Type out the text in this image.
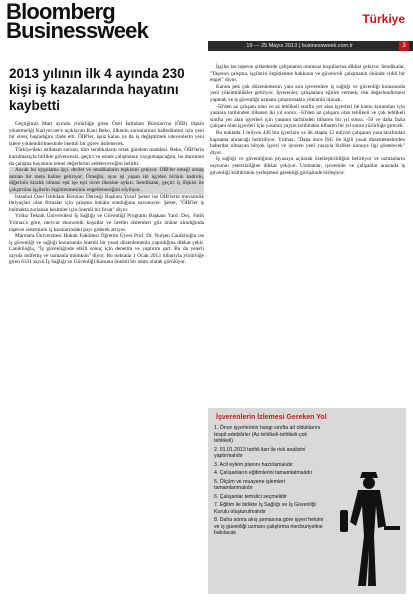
Bloomberg
Businessweek	Türkiye
19 — 25 Mayıs 2013 | businessweek.com.tr	3
2013 yılının ilk 4 ayında 230 kişi iş kazalarında hayatını kaybetti

Geçtiğimiz Mart ayında yürürlüğe giren Özel İstihdam Büroları'na (ÖİB) ilişkin yönetmeliği Kariyer.net'e açıklayan Kani Beko, ülkenin sorunlarının halledilmesi için yeni bir süreç başladığını ifade etti. ÖİB'ler, işsiz kalan ya da iş değiştirmek isteyenlerin yeni işlere yönlendirilmesinde önemli bir görev üstlenecek.

Türkiye'deki istihdam sorunu, tüm sendikaların ortak gündem maddesi. Beko, ÖİB'lerin kurulmasıyla birlikte güvencesiz, geçici ve esnek çalışmanın yaygınlaşacağını, bu durumun da çalışma hayatının temel değerlerini zedeleyeceğini belirtti.

Ancak bu uygulama işçi, devlet ve sendikaların tepkisini çekiyor. ÖİB'ler emeği alınıp satılan bir meta haline getiriyor. Örneğin, aynı işi yapan iki işçiden birinin kadrolu, diğerinin kiralık olması eşit işe eşit ücret ilkesine aykırı. Sendikalar, geçici iş ilişkisi ile çalıştırılan işçilerin örgütlenmesinin engelleneceğini söylüyor.

İstanbul Özel İstihdam Büroları Derneği Başkanı Yusuf Şeker ise ÖİB'lerin mevsimlik ihtiyaçları olan firmalar için çalışma imkânı sunduğunu savunuyor. Şeker, "ÖİB'ler iş bulmakta zorlanan kesimler için önemli bir fırsat" diyor.

Yıldız Teknik Üniversitesi İş Sağlığı ve Güvenliği Programı Başkanı Yard. Doç. Fatih Yılmaz'a göre, mevcut ekonomik koşullar ve üretim sistemleri göz önüne alındığında taşeron sisteminin iş kazalarındaki payı giderek artıyor.

Marmara Üniversitesi Hukuk Fakültesi Öğretim Üyesi Prof. Dr. Nurşen Caniklioğlu ise iş güvenliği ve sağlığı konusunda önemli bir yasal düzenlemenin yapıldığına dikkat çekti. Caniklioğlu, "İş güvenliğinde etkili sonuç için denetim ve yaptırım şart. Bu da yeterli sayıda müfettiş ve uzmanla mümkün" diyor. Bu noktada 1 Ocak 2013 itibarıyla yürürlüğe giren 6331 sayılı İş Sağlığı ve Güvenliği Kanunu önemli bir adım olarak görülüyor.

İşçiler ise taşeron şirketlerde çalışmanın olumsuz koşullarına dikkat çekiyor. Sendikalar, "Taşeron çalışma, işçilerin örgütlenme hakkının ve güvenceli çalışmanın önünde ciddi bir engel" diyor.

Kanun pek çok düzenlemenin yanı sıra işverenlere iş sağlığı ve güvenliği konusunda yeni yükümlülükler getiriyor. İşverenler, çalışanlara eğitim vermek, risk değerlendirmesi yapmak ve iş güvenliği uzmanı çalıştırmakla yükümlü olacak.

-50'den az çalışanı olan ve az tehlikeli sınıfta yer alan işyerleri ile kamu kurumları için yasanın tarihinden itibaren iki yıl sonra. -50'den az çalışanı olan tehlikeli ve çok tehlikeli sınıfta yer alan işyerleri için yasanın tarihinden itibaren bir yıl sonra. -50 ve daha fazla çalışanı olan işyerleri için yasanın yayım tarihinden itibaren bir yıl sonra yürürlüğe girecek.

Bu noktada 1 milyon 436 bin işyerinin ve ilk etapta 12 milyon çalışanın yasa tarafından kapsama alınacağı belirtiliyor. Yılmaz, "Daha önce İSG ile ilgili yasal düzenlemelerden haberdar olmayan birçok işyeri ve işveren yeni yasayla birlikte konuya ilgi gösterecek" diyor.

İş sağlığı ve güvenliğinin piyasaya açılarak özelleştirildiğini belirtiyor ve uzmanların sayısının yetersizliğine dikkat çekiyor. Uzmanlar, işverenler ve çalışanlar arasında iş güvenliği kültürünün yerleşmesi gerektiği görüşünde birleşiyor.

İşverenlerin İzlemesi Gereken Yol
1. Önce işyerlerinin hangi sınıfta ait olduklarını tespit edebilirler (Az tehlikeli-tehlikeli-çok tehlikeli)
2. 01.01.2013 tarihli ilan ile risk analizini yaptırmalıdır
3. Acil eylem planını hazırlamalıdır
4. Çalışanların eğitimlerini tamamlatmalıdır
5. Ölçüm ve muayene işlemleri tamamlanmalıdır
6. Çalışanlar temsilci seçmelidir
7. Eğitim ile birlikte İş Sağlığı ve İş Güvenliği Kurulu oluşturulmalıdır
8. Daha sonra akış şemasına göre işyeri hekimi ve iş güvenliği uzmanı çalıştırma mecburiyetine bakılacak
